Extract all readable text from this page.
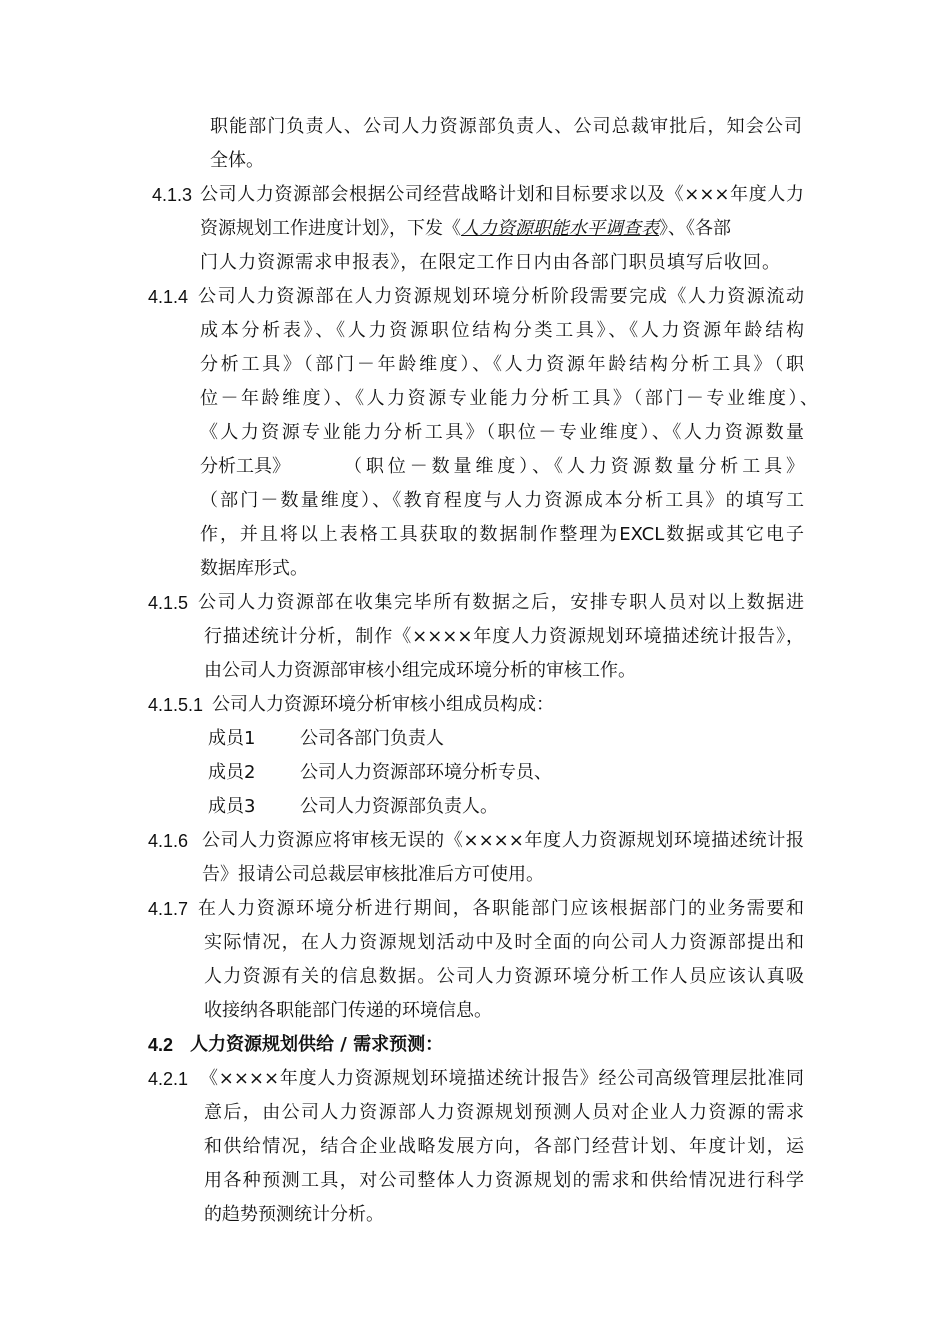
职能部门负责人、公司人力资源部负责人、公司总裁审批后，知会公司
全体。
4.1.3 公司人力资源部会根据公司经营战略计划和目标要求以及《×××年度人力
资源规划工作进度计划》，下发《人力资源职能水平调查表》、《各部
门人力资源需求申报表》，在限定工作日内由各部门职员填写后收回。
4.1.4 公司人力资源部在人力资源规划环境分析阶段需要完成《人力资源流动
成本分析表》、《人力资源职位结构分类工具》、《人力资源年龄结构
分析工具》（部门－年龄维度）、《人力资源年龄结构分析工具》（职
位－年龄维度）、《人力资源专业能力分析工具》（部门－专业维度）、
《人力资源专业能力分析工具》（职位－专业维度）、《人力资源数量
分析工具》	（职位－数量维度）、《人力资源数量分析工具》
（部门－数量维度）、《教育程度与人力资源成本分析工具》的填写工
作，并且将以上表格工具获取的数据制作整理为EXCL数据或其它电子
数据库形式。
4.1.5 公司人力资源部在收集完毕所有数据之后，安排专职人员对以上数据进
行描述统计分析，制作《××××年度人力资源规划环境描述统计报告》，
由公司人力资源部审核小组完成环境分析的审核工作。
4.1.5.1 公司人力资源环境分析审核小组成员构成：
成员1 公司各部门负责人
成员2 公司人力资源部环境分析专员、
成员3 公司人力资源部负责人。
4.1.6 公司人力资源应将审核无误的《××××年度人力资源规划环境描述统计报
告》报请公司总裁层审核批准后方可使用。
4.1.7 在人力资源环境分析进行期间，各职能部门应该根据部门的业务需要和
实际情况，在人力资源规划活动中及时全面的向公司人力资源部提出和
人力资源有关的信息数据。公司人力资源环境分析工作人员应该认真吸
收接纳各职能部门传递的环境信息。
4.2 人力资源规划供给 / 需求预测：
4.2.1 《××××年度人力资源规划环境描述统计报告》经公司高级管理层批准同
意后，由公司人力资源部人力资源规划预测人员对企业人力资源的需求
和供给情况，结合企业战略发展方向，各部门经营计划、年度计划，运
用各种预测工具，对公司整体人力资源规划的需求和供给情况进行科学
的趋势预测统计分析。
